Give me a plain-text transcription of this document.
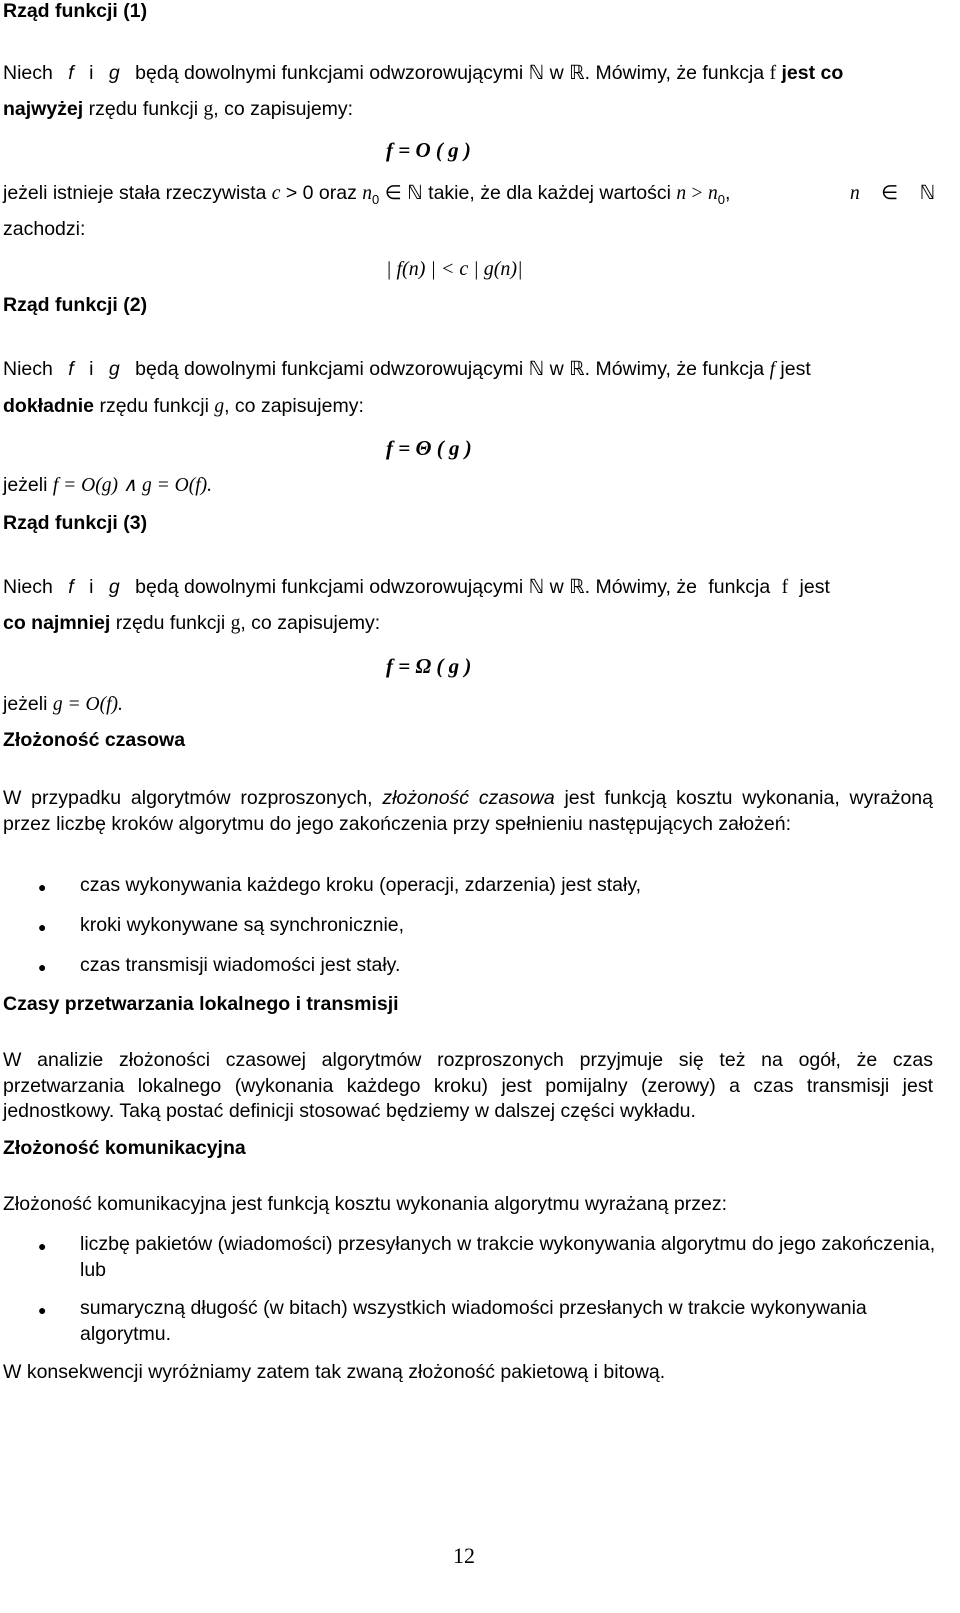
Rząd funkcji (1)
Niech f i g będą dowolnymi funkcjami odwzorowującymi ℕ w ℝ. Mówimy, że funkcja f jest co
najwyżej rzędu funkcji g, co zapisujemy:
f = O ( g )
jeżeli istnieje stała rzeczywista c > 0 oraz $n_0$ ∈ ℕ takie, że dla każdej wartości $n > n_0$,	n ∈ ℕ
zachodzi:
| f(n) | < c | g(n)|
Rząd funkcji (2)
Niech f i g będą dowolnymi funkcjami odwzorowującymi ℕ w ℝ. Mówimy, że funkcja f jest
dokładnie rzędu funkcji g, co zapisujemy:
f = Θ ( g )
jeżeli f = O(g) ∧ g = O(f).
Rząd funkcji (3)
Niech f i g będą dowolnymi funkcjami odwzorowującymi ℕ w ℝ. Mówimy, że funkcja f jest
co najmniej rzędu funkcji g, co zapisujemy:
f = Ω ( g )
jeżeli g = O(f).
Złożoność czasowa
W przypadku algorytmów rozproszonych, złożoność czasowa jest funkcją kosztu wykonania, wyrażoną przez liczbę kroków algorytmu do jego zakończenia przy spełnieniu następujących założeń:
● czas wykonywania każdego kroku (operacji, zdarzenia) jest stały,
● kroki wykonywane są synchronicznie,
● czas transmisji wiadomości jest stały.
Czasy przetwarzania lokalnego i transmisji
W analizie złożoności czasowej algorytmów rozproszonych przyjmuje się też na ogół, że czas przetwarzania lokalnego (wykonania każdego kroku) jest pomijalny (zerowy) a czas transmisji jest jednostkowy. Taką postać definicji stosować będziemy w dalszej części wykładu.
Złożoność komunikacyjna
Złożoność komunikacyjna jest funkcją kosztu wykonania algorytmu wyrażaną przez:
● liczbę pakietów (wiadomości) przesyłanych w trakcie wykonywania algorytmu do jego zakończenia, lub
● sumaryczną długość (w bitach) wszystkich wiadomości przesłanych w trakcie wykonywania algorytmu.
W konsekwencji wyróżniamy zatem tak zwaną złożoność pakietową i bitową.
12
